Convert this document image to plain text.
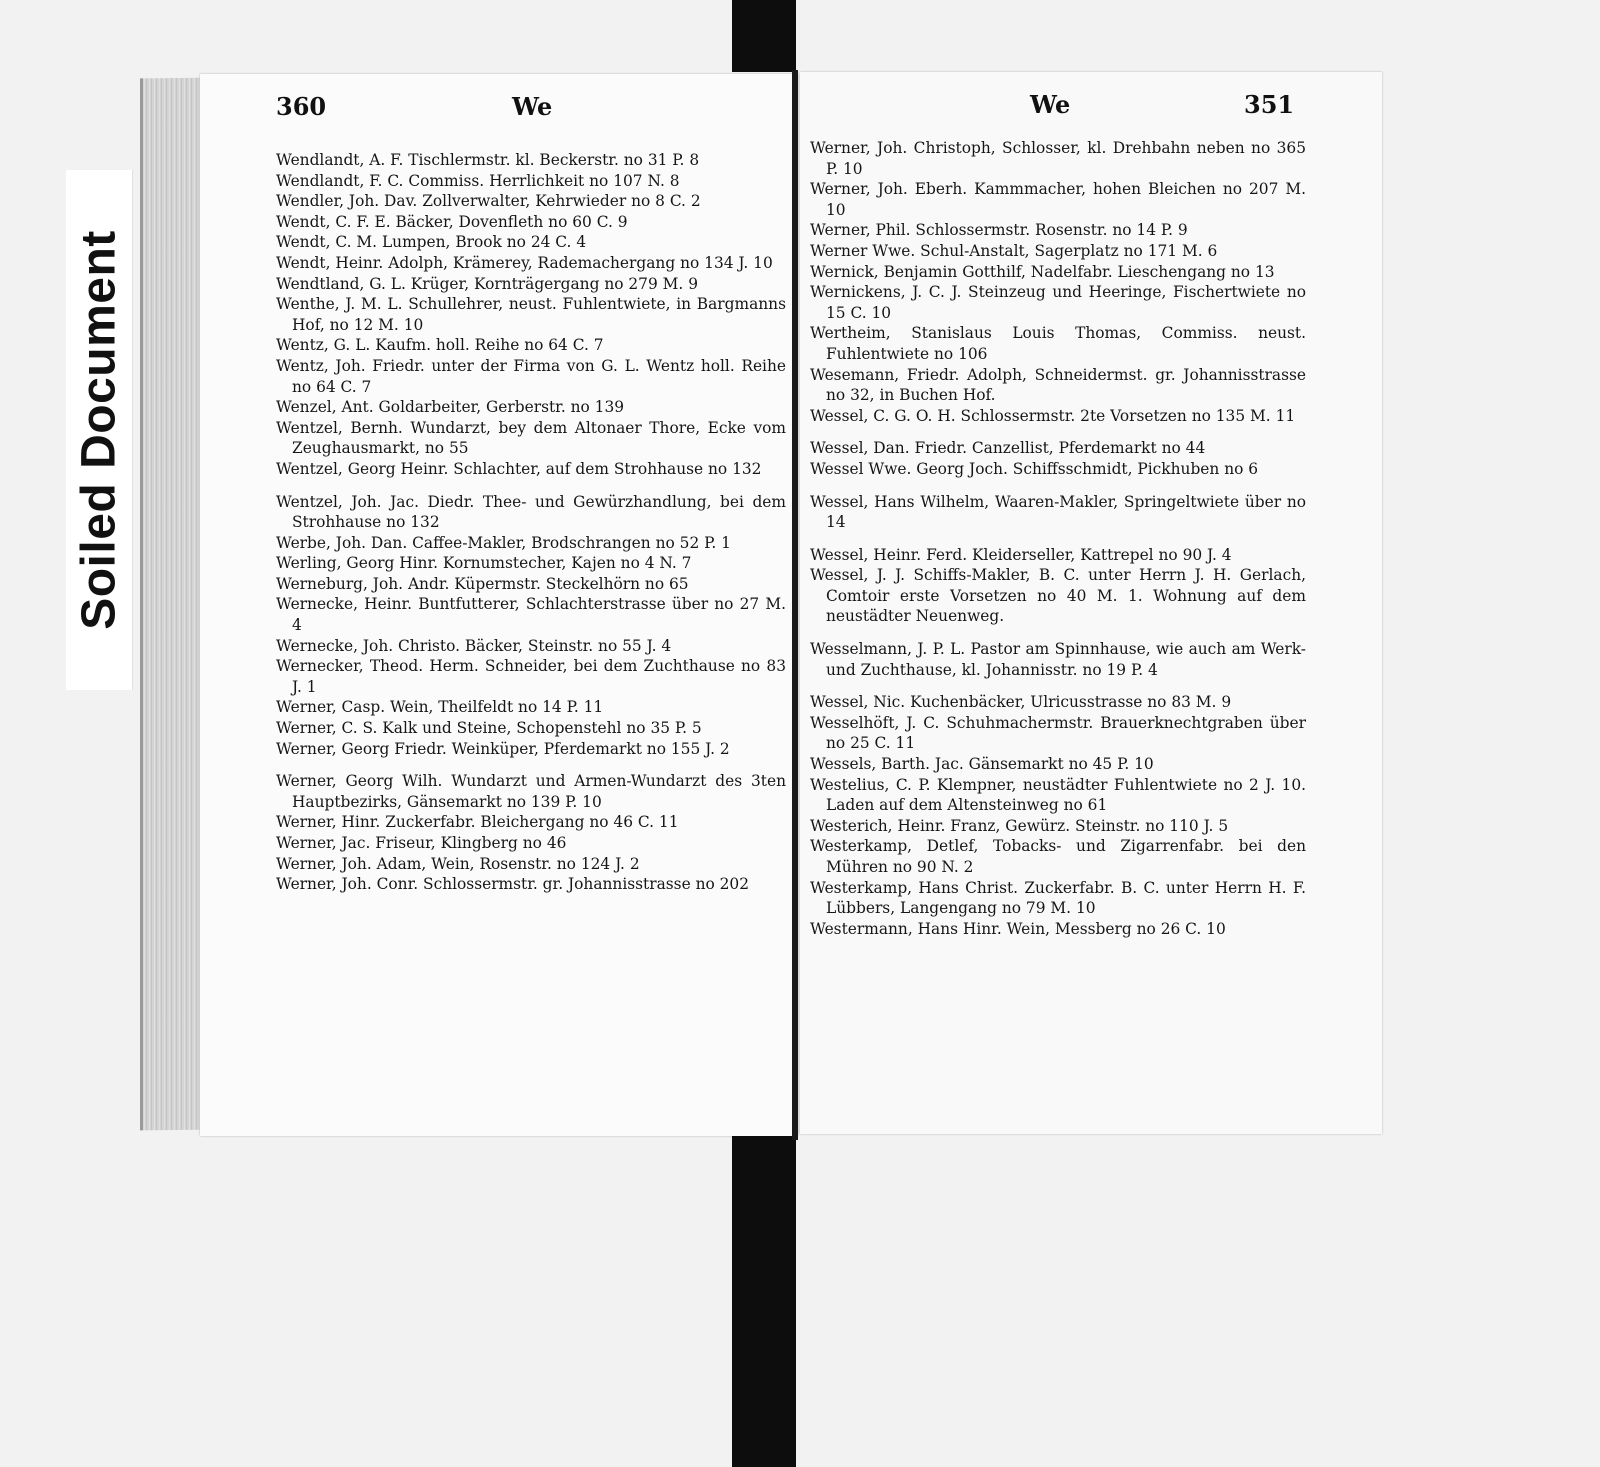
Soiled Document
360	We
Wendlandt, A. F. Tischlermstr. kl. Beckerstr. no 31 P. 8
Wendlandt, F. C. Commiss. Herrlichkeit no 107 N. 8
Wendler, Joh. Dav. Zollverwalter, Kehrwieder no 8 C. 2
Wendt, C. F. E. Bäcker, Dovenfleth no 60 C. 9
Wendt, C. M. Lumpen, Brook no 24 C. 4
Wendt, Heinr. Adolph, Krämerey, Rademachergang no 134 J. 10
Wendtland, G. L. Krüger, Kornträgergang no 279 M. 9
Wenthe, J. M. L. Schullehrer, neust. Fuhlentwiete, in Bargmanns Hof, no 12 M. 10
Wentz, G. L. Kaufm. holl. Reihe no 64 C. 7
Wentz, Joh. Friedr. unter der Firma von G. L. Wentz holl. Reihe no 64 C. 7
Wenzel, Ant. Goldarbeiter, Gerberstr. no 139
Wentzel, Bernh. Wundarzt, bey dem Altonaer Thore, Ecke vom Zeughausmarkt, no 55
Wentzel, Georg Heinr. Schlachter, auf dem Strohhause no 132
Wentzel, Joh. Jac. Diedr. Thee- und Gewürzhandlung, bei dem Strohhause no 132
Werbe, Joh. Dan. Caffee-Makler, Brodschrangen no 52 P. 1
Werling, Georg Hinr. Kornumstecher, Kajen no 4 N. 7
Werneburg, Joh. Andr. Küpermstr. Steckelhörn no 65
Wernecke, Heinr. Buntfutterer, Schlachterstrasse über no 27 M. 4
Wernecke, Joh. Christo. Bäcker, Steinstr. no 55 J. 4
Wernecker, Theod. Herm. Schneider, bei dem Zuchthause no 83 J. 1
Werner, Casp. Wein, Theilfeldt no 14 P. 11
Werner, C. S. Kalk und Steine, Schopenstehl no 35 P. 5
Werner, Georg Friedr. Weinküper, Pferdemarkt no 155 J. 2
Werner, Georg Wilh. Wundarzt und Armen-Wundarzt des 3ten Hauptbezirks, Gänsemarkt no 139 P. 10
Werner, Hinr. Zuckerfabr. Bleichergang no 46 C. 11
Werner, Jac. Friseur, Klingberg no 46
Werner, Joh. Adam, Wein, Rosenstr. no 124 J. 2
Werner, Joh. Conr. Schlossermstr. gr. Johannisstrasse no 202
We	351
Werner, Joh. Christoph, Schlosser, kl. Drehbahn neben no 365 P. 10
Werner, Joh. Eberh. Kammmacher, hohen Bleichen no 207 M. 10
Werner, Phil. Schlossermstr. Rosenstr. no 14 P. 9
Werner Wwe. Schul-Anstalt, Sagerplatz no 171 M. 6
Wernick, Benjamin Gotthilf, Nadelfabr. Lieschengang no 13
Wernickens, J. C. J. Steinzeug und Heeringe, Fischertwiete no 15 C. 10
Wertheim, Stanislaus Louis Thomas, Commiss. neust. Fuhlentwiete no 106
Wesemann, Friedr. Adolph, Schneidermst. gr. Johannisstrasse no 32, in Buchen Hof.
Wessel, C. G. O. H. Schlossermstr. 2te Vorsetzen no 135 M. 11
Wessel, Dan. Friedr. Canzellist, Pferdemarkt no 44
Wessel Wwe. Georg Joch. Schiffsschmidt, Pickhuben no 6
Wessel, Hans Wilhelm, Waaren-Makler, Springeltwiete über no 14
Wessel, Heinr. Ferd. Kleiderseller, Kattrepel no 90 J. 4
Wessel, J. J. Schiffs-Makler, B. C. unter Herrn J. H. Gerlach, Comtoir erste Vorsetzen no 40 M. 1. Wohnung auf dem neustädter Neuenweg.
Wesselmann, J. P. L. Pastor am Spinnhause, wie auch am Werk- und Zuchthause, kl. Johannisstr. no 19 P. 4
Wessel, Nic. Kuchenbäcker, Ulricusstrasse no 83 M. 9
Wesselhöft, J. C. Schuhmachermstr. Brauerknechtgraben über no 25 C. 11
Wessels, Barth. Jac. Gänsemarkt no 45 P. 10
Westelius, C. P. Klempner, neustädter Fuhlentwiete no 2 J. 10. Laden auf dem Altensteinweg no 61
Westerich, Heinr. Franz, Gewürz. Steinstr. no 110 J. 5
Westerkamp, Detlef, Tobacks- und Zigarrenfabr. bei den Mühren no 90 N. 2
Westerkamp, Hans Christ. Zuckerfabr. B. C. unter Herrn H. F. Lübbers, Langengang no 79 M. 10
Westermann, Hans Hinr. Wein, Messberg no 26 C. 10
